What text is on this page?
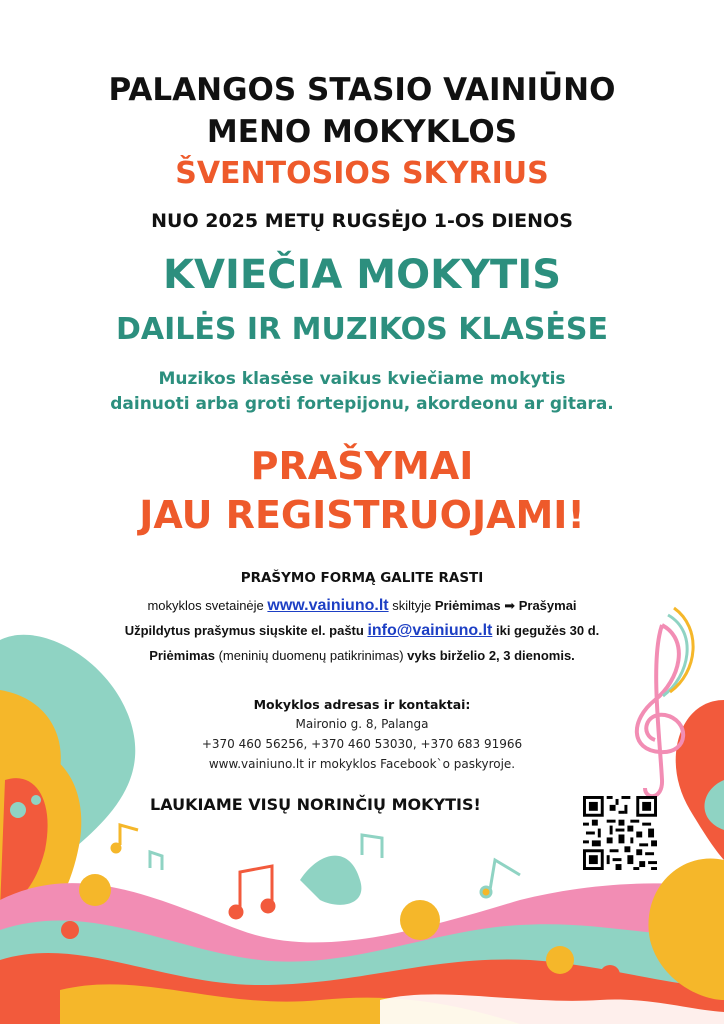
PALANGOS STASIO VAINIŪNO
MENO MOKYKLOS
ŠVENTOSIOS SKYRIUS
NUO 2025 METŲ RUGSĖJO 1-OS DIENOS
KVIEČIA MOKYTIS
DAILĖS IR MUZIKOS KLASĖSE
Muzikos klasėse vaikus kviečiame mokytis
dainuoti arba groti fortepijonu, akordeonu ar gitara.
PRAŠYMAI
JAU REGISTRUOJAMI!
PRAŠYMO FORMĄ GALITE RASTI
mokyklos svetainėje www.vainiuno.lt skiltyje Priėmimas ➡ Prašymai
Užpildytus prašymus siųskite el. paštu info@vainiuno.lt iki gegužės 30 d.
Priėmimas (meninių duomenų patikrinimas) vyks birželio 2, 3 dienomis.
Mokyklos adresas ir kontaktai:
Maironio g. 8, Palanga
+370 460 56256, +370 460 53030, +370 683 91966
www.vainiuno.lt ir mokyklos Facebook`o paskyroje.
LAUKIAME VISŲ NORINČIŲ MOKYTIS!
